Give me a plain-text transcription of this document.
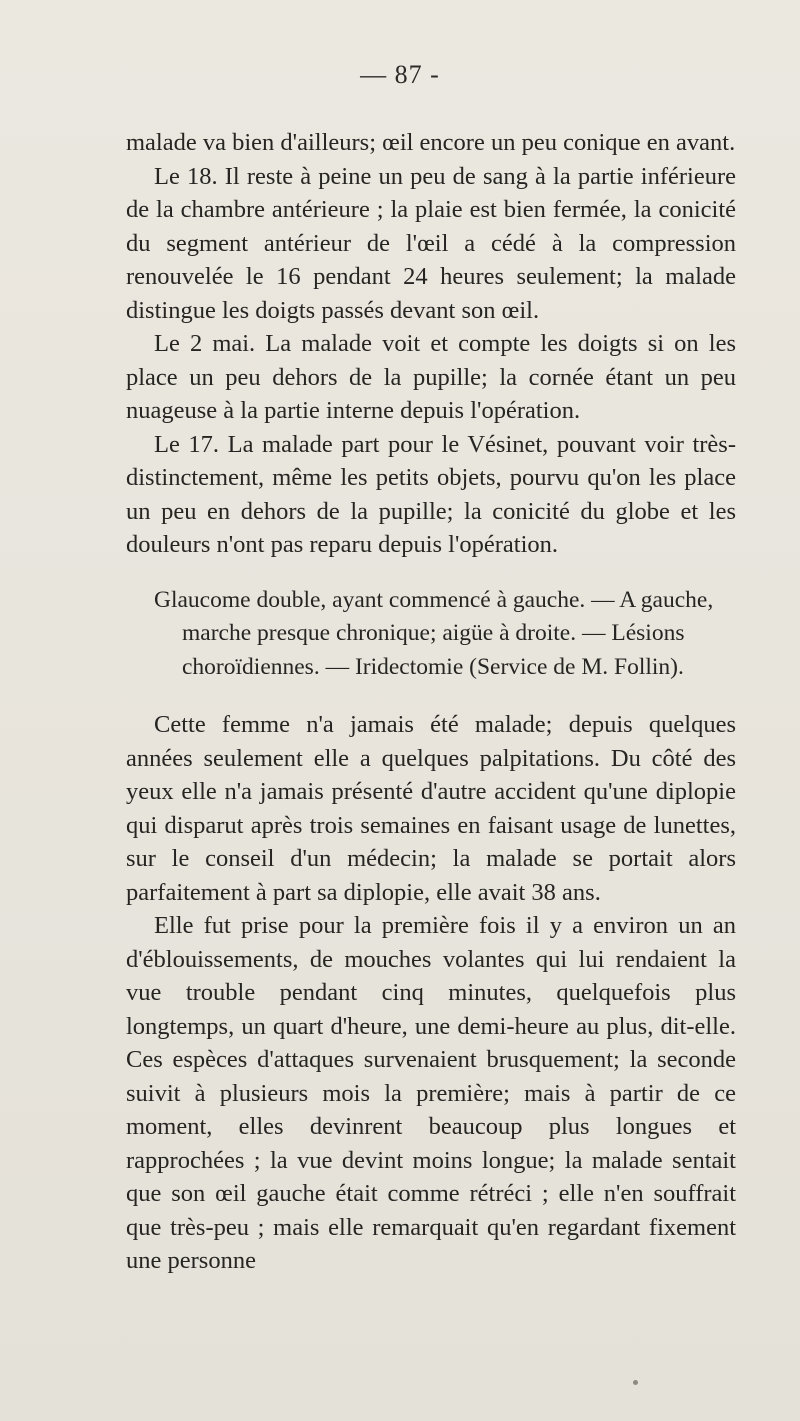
— 87 -

malade va bien d'ailleurs; œil encore un peu conique en avant.

Le 18. Il reste à peine un peu de sang à la partie inférieure de la chambre antérieure ; la plaie est bien fermée, la conicité du segment antérieur de l'œil a cédé à la compression renouvelée le 16 pendant 24 heures seulement; la malade distingue les doigts passés devant son œil.

Le 2 mai. La malade voit et compte les doigts si on les place un peu dehors de la pupille; la cornée étant un peu nuageuse à la partie interne depuis l'opération.

Le 17. La malade part pour le Vésinet, pouvant voir très-distinctement, même les petits objets, pourvu qu'on les place un peu en dehors de la pupille; la conicité du globe et les douleurs n'ont pas reparu depuis l'opération.

Glaucome double, ayant commencé à gauche. — A gauche, marche presque chronique; aigüe à droite. — Lésions choroïdiennes. — Iridectomie (Service de M. Follin).

Cette femme n'a jamais été malade; depuis quelques années seulement elle a quelques palpitations. Du côté des yeux elle n'a jamais présenté d'autre accident qu'une diplopie qui disparut après trois semaines en faisant usage de lunettes, sur le conseil d'un médecin; la malade se portait alors parfaitement à part sa diplopie, elle avait 38 ans.

Elle fut prise pour la première fois il y a environ un an d'éblouissements, de mouches volantes qui lui rendaient la vue trouble pendant cinq minutes, quelquefois plus longtemps, un quart d'heure, une demi-heure au plus, dit-elle. Ces espèces d'attaques survenaient brusquement; la seconde suivit à plusieurs mois la première; mais à partir de ce moment, elles devinrent beaucoup plus longues et rapprochées ; la vue devint moins longue; la malade sentait que son œil gauche était comme rétréci ; elle n'en souffrait que très-peu ; mais elle remarquait qu'en regardant fixement une personne
